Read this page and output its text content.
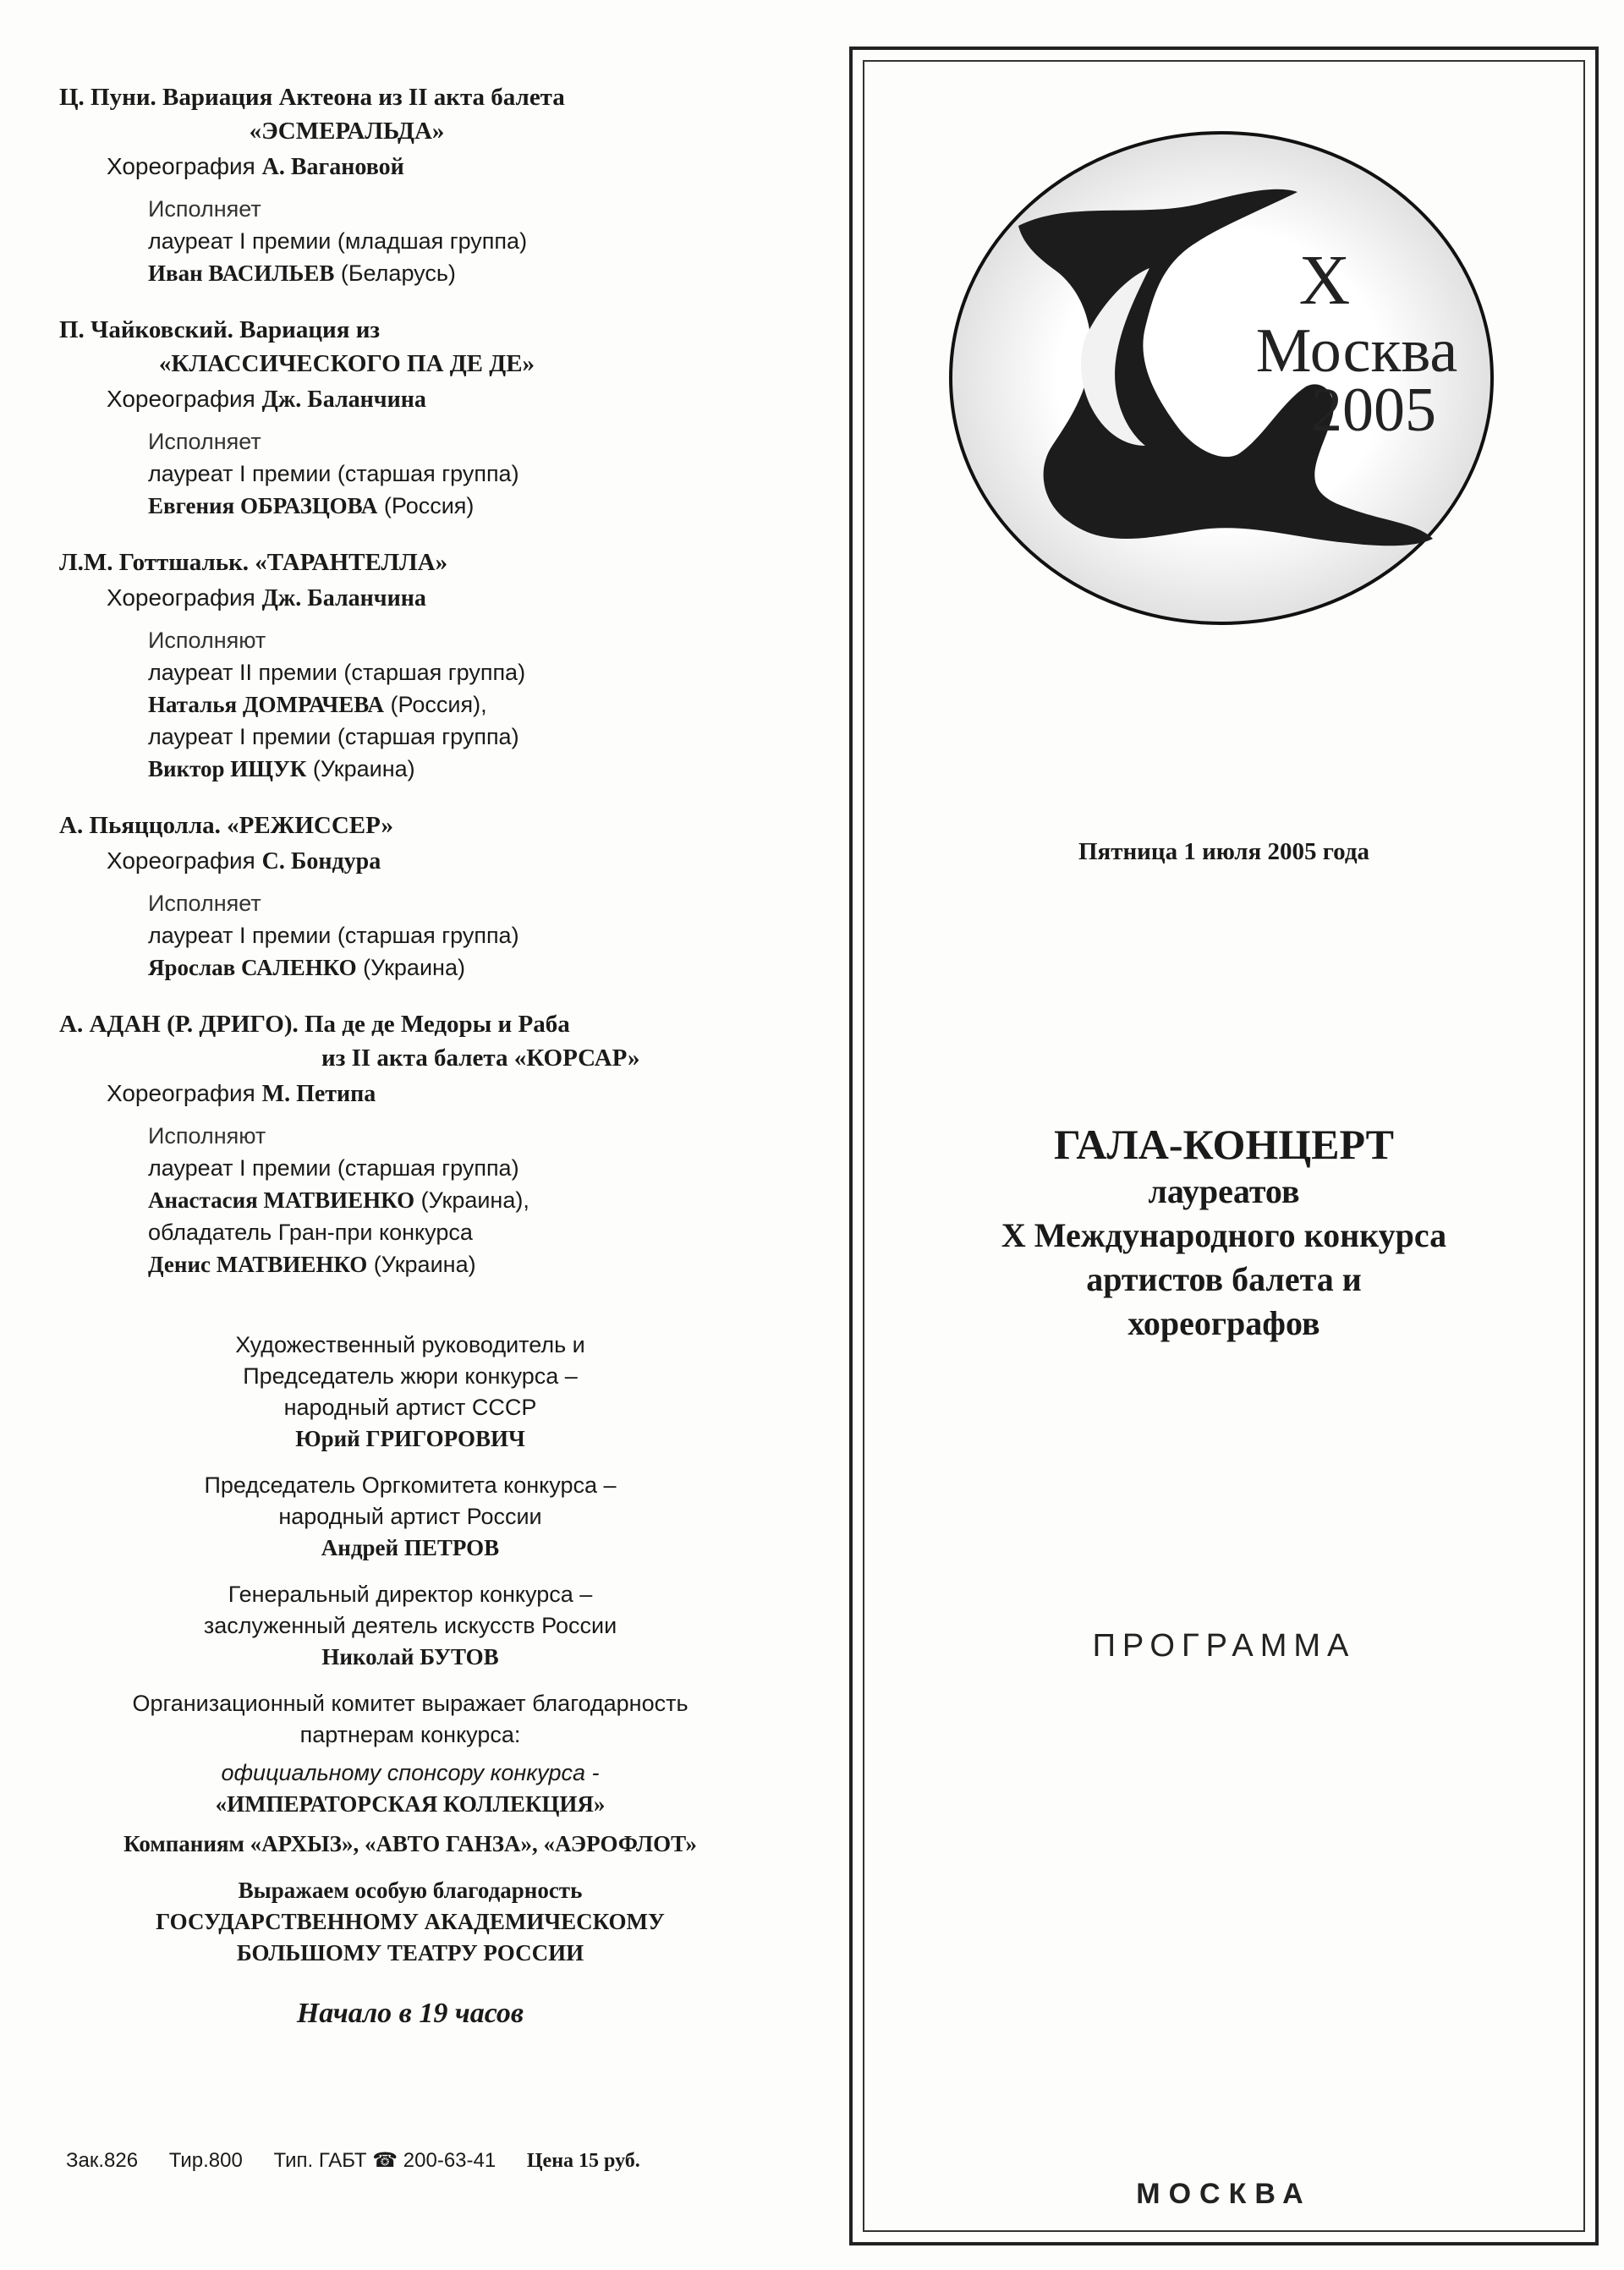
Ц. Пуни. Вариация Актеона из II акта балета
«ЭСМЕРАЛЬДА»
Хореография А. Вагановой
Исполняет
лауреат I премии (младшая группа)
Иван ВАСИЛЬЕВ (Беларусь)
П. Чайковский. Вариация из
«КЛАССИЧЕСКОГО ПА ДЕ ДЕ»
Хореография Дж. Баланчина
Исполняет
лауреат I премии (старшая группа)
Евгения ОБРАЗЦОВА (Россия)
Л.М. Готтшальк. «ТАРАНТЕЛЛА»
Хореография Дж. Баланчина
Исполняют
лауреат II премии (старшая группа)
Наталья ДОМРАЧЕВА (Россия),
лауреат I премии (старшая группа)
Виктор ИЩУК (Украина)
А. Пьяццолла. «РЕЖИССЕР»
Хореография С. Бондура
Исполняет
лауреат I премии (старшая группа)
Ярослав САЛЕНКО (Украина)
А. АДАН (Р. ДРИГО). Па де де Медоры и Раба
из II акта балета «КОРСАР»
Хореография М. Петипа
Исполняют
лауреат I премии (старшая группа)
Анастасия МАТВИЕНКО (Украина),
обладатель Гран-при конкурса
Денис МАТВИЕНКО (Украина)
Художественный руководитель и
Председатель жюри конкурса –
народный артист СССР
Юрий ГРИГОРОВИЧ
Председатель Оргкомитета конкурса –
народный артист России
Андрей ПЕТРОВ
Генеральный директор конкурса –
заслуженный деятель искусств России
Николай БУТОВ
Организационный комитет выражает благодарность
партнерам конкурса:
официальному спонсору конкурса -
«ИМПЕРАТОРСКАЯ КОЛЛЕКЦИЯ»
Компаниям «АРХЫЗ», «АВТО ГАНЗА», «АЭРОФЛОТ»
Выражаем особую благодарность
ГОСУДАРСТВЕННОМУ АКАДЕМИЧЕСКОМУ
БОЛЬШОМУ ТЕАТРУ РОССИИ
Начало в 19 часов
Зак.826 Тир.800 Тип. ГАБТ ☎ 200-63-41 Цена 15 руб.
X
Москва
2005
Пятница 1 июля 2005 года
ГАЛА-КОНЦЕРТ
лауреатов
X Международного конкурса
артистов балета и
хореографов
ПРОГРАММА
МОСКВА
